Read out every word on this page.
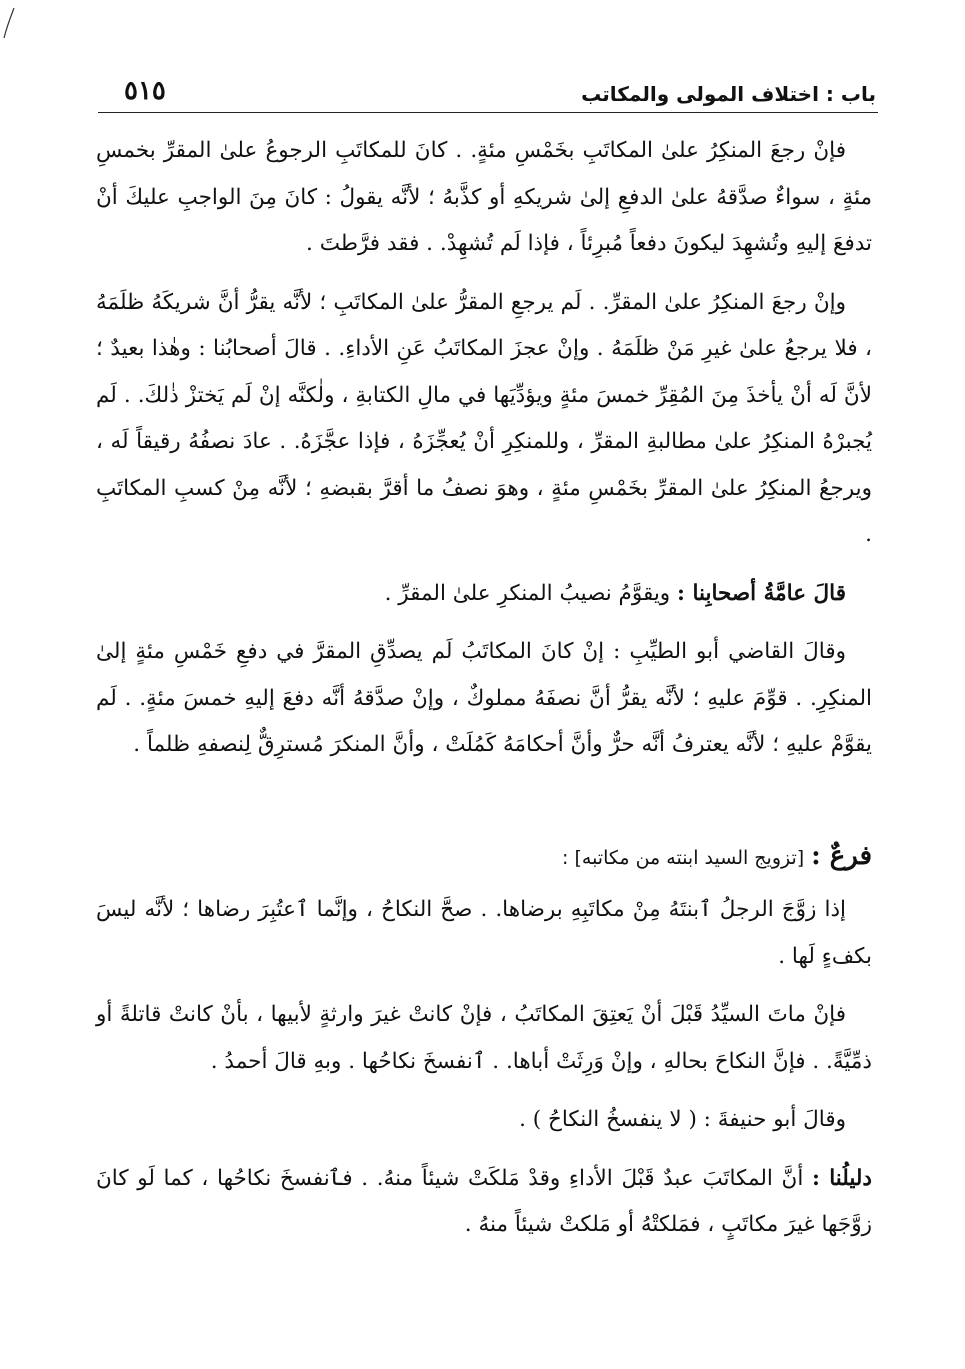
باب : اختلاف المولى والمكاتب
٥١٥

فإنْ رجعَ المنكِرُ علىٰ المكاتَبِ بخَمْسِ مئةٍ. . كانَ للمكاتَبِ الرجوعُ علىٰ المقرِّ بخمسِ مئةٍ ، سواءٌ صدَّقهُ علىٰ الدفعِ إلىٰ شريكهِ أو كذَّبهُ ؛ لأنَّه يقولُ : كانَ مِنَ الواجبِ عليكَ أنْ تدفعَ إليهِ وتُشهِدَ ليكونَ دفعاً مُبرِئاً ، فإذا لَم تُشهِدْ. . فقد فرَّطتَ .

وإنْ رجعَ المنكِرُ علىٰ المقرِّ. . لَم يرجعِ المقرُّ علىٰ المكاتَبِ ؛ لأنَّه يقرُّ أنَّ شريكَهُ ظلَمَهُ ، فلا يرجعُ علىٰ غيرِ مَنْ ظلَمَهُ . وإنْ عجزَ المكاتَبُ عَنِ الأداءِ. . قالَ أصحابُنا : وهٰذا بعيدٌ ؛ لأنَّ لَه أنْ يأخذَ مِنَ المُقِرِّ خمسَ مئةٍ ويؤدِّيَها في مالِ الكتابةِ ، ولٰكنَّه إنْ لَم يَختزْ ذٰلكَ. . لَم يُجبرْهُ المنكِرُ علىٰ مطالبةِ المقرِّ ، وللمنكِرِ أنْ يُعجِّزَهُ ، فإذا عجَّزَهُ. . عادَ نصفُهُ رقيقاً لَه ، ويرجعُ المنكِرُ علىٰ المقرِّ بخَمْسِ مئةٍ ، وهوَ نصفُ ما أقرَّ بقبضهِ ؛ لأنَّه مِنْ كسبِ المكاتَبِ .

قالَ عامَّةُ أصحابِنا : ويقوَّمُ نصيبُ المنكرِ علىٰ المقرِّ .

وقالَ القاضي أبو الطيِّبِ : إنْ كانَ المكاتَبُ لَم يصدِّقِ المقرَّ في دفعِ خَمْسِ مئةٍ إلىٰ المنكِرِ. . قوِّمَ عليهِ ؛ لأنَّه يقرُّ أنَّ نصفَهُ مملوكٌ ، وإنْ صدَّقهُ أنَّه دفعَ إليهِ خمسَ مئةٍ. . لَم يقوَّمْ عليهِ ؛ لأنَّه يعترفُ أنَّه حرٌّ وأنَّ أحكامَهُ كَمُلَتْ ، وأنَّ المنكرَ مُسترِقٌّ لِنصفهِ ظلماً .

فرعٌ : [تزويج السيد ابنته من مكاتبه] :

إذا زوَّجَ الرجلُ ٱبنتَهُ مِنْ مكاتَبِهِ برضاها. . صحَّ النكاحُ ، وإنَّما ٱعتُبِرَ رضاها ؛ لأنَّه ليسَ بكفءٍ لَها .

فإنْ ماتَ السيِّدُ قَبْلَ أنْ يَعتِقَ المكاتَبُ ، فإنْ كانتْ غيرَ وارثةٍ لأبيها ، بأنْ كانتْ قاتلةً أو ذمِّيَّةً. . فإنَّ النكاحَ بحالهِ ، وإنْ وَرِثَتْ أباها. . ٱنفسخَ نكاحُها . وبهِ قالَ أحمدُ .

وقالَ أبو حنيفةَ : ( لا ينفسخُ النكاحُ ) .

دليلُنا : أنَّ المكاتَبَ عبدٌ قَبْلَ الأداءِ وقدْ مَلكَتْ شيئاً منهُ. . فٱنفسخَ نكاحُها ، كما لَو كانَ زوَّجَها غيرَ مكاتَبٍ ، فمَلكتْهُ أو مَلكتْ شيئاً منهُ .
